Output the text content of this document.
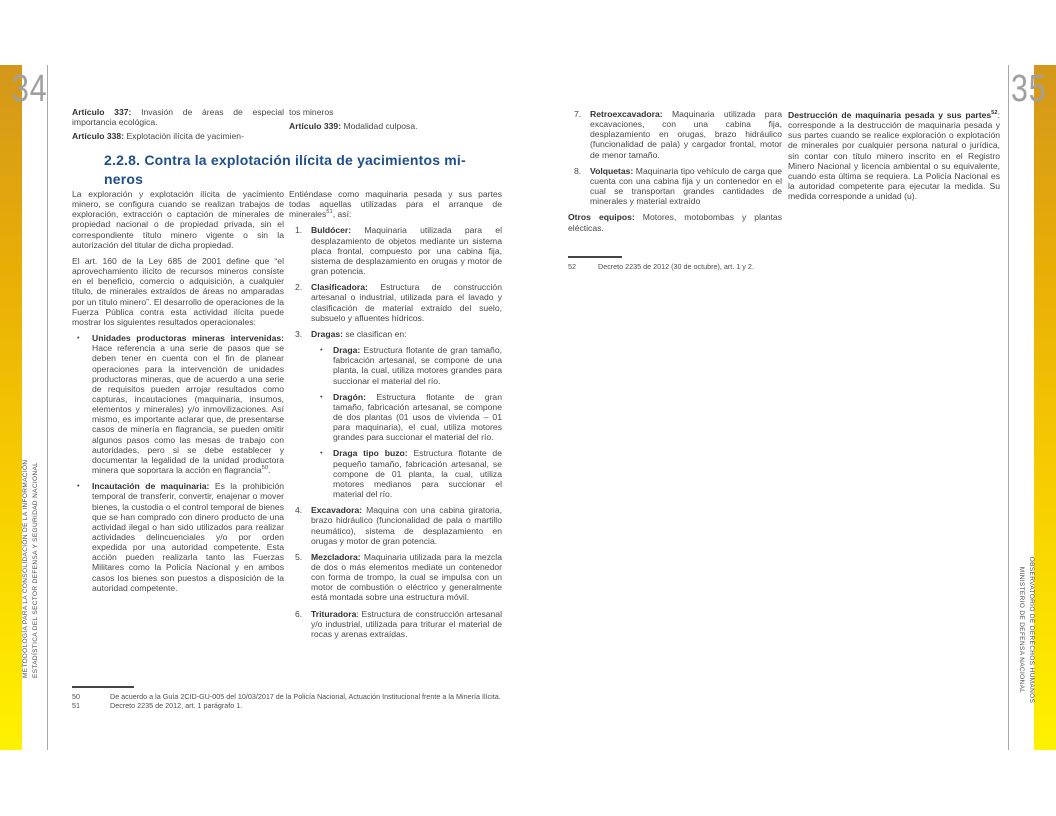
34
METODOLOGÍA PARA LA CONSOLIDACIÓN DE LA INFORMACIÓN ESTADÍSTICA DEL SECTOR DEFENSA Y SEGURIDAD NACIONAL
35
OBSERVATORIO DE DERECHOS HUMANOS
MINISTERIO DE DEFENSA NACIONAL

Artículo 337: Invasión de áreas de especial importancia ecológica.

Artículo 338: Explotación ilícita de yacimien-

tos mineros

Artículo 339: Modalidad culposa.

2.2.8. Contra la explotación ilícita de yacimientos mi-
neros

La exploración y explotación ilícita de yacimiento minero, se configura cuando se realizan trabajos de exploración, extracción o captación de minerales de propiedad nacional o de propiedad privada, sin el correspondiente título minero vigente o sin la autorización del titular de dicha propiedad.

El art. 160 de la Ley 685 de 2001 define que “el aprovechamiento ilícito de recursos mineros consiste en el beneficio, comercio o adquisición, a cualquier título, de minerales extraídos de áreas no amparadas por un título minero”. El desarrollo de operaciones de la Fuerza Pública contra esta actividad ilícita puede mostrar los siguientes resultados operacionales:

• Unidades productoras mineras intervenidas: Hace referencia a una serie de pasos que se deben tener en cuenta con el fin de planear operaciones para la intervención de unidades productoras mineras, que de acuerdo a una serie de requisitos pueden arrojar resultados como capturas, incautaciones (maquinaria, insumos, elementos y minerales) y/o inmovilizaciones. Así mismo, es importante aclarar que, de presentarse casos de minería en flagrancia, se pueden omitir algunos pasos como las mesas de trabajo con autoridades, pero si se debe establecer y documentar la legalidad de la unidad productora minera que soportara la acción en flagrancia$^{50}$.
• Incautación de maquinaria: Es la prohibición temporal de transferir, convertir, enajenar o mover bienes, la custodia o el control temporal de bienes que se han comprado con dinero producto de una actividad ilegal o han sido utilizados para realizar actividades delincuenciales y/o por orden expedida por una autoridad competente. Esta acción pueden realizarla tanto las Fuerzas Militares como la Policía Nacional y en ambos casos los bienes son puestos a disposición de la autoridad competente.

Entiéndase como maquinaria pesada y sus partes todas aquellas utilizadas para el arranque de minerales$^{51}$, así:

1. Buldócer: Maquinaria utilizada para el desplazamiento de objetos mediante un sistema placa frontal, compuesto por una cabina fija, sistema de desplazamiento en orugas y motor de gran potencia.
2. Clasificadora: Estructura de construcción artesanal o industrial, utilizada para el lavado y clasificación de material extraído del suelo, subsuelo y afluentes hídricos.
3. Dragas: se clasifican en:
• Draga: Estructura flotante de gran tamaño, fabricación artesanal, se compone de una planta, la cual, utiliza motores grandes para succionar el material del río.
• Dragón: Estructura flotante de gran tamaño, fabricación artesanal, se compone de dos plantas (01 usos de vivienda – 01 para maquinaria), el cual, utiliza motores grandes para succionar el material del río.
• Draga tipo buzo: Estructura flotante de pequeño tamaño, fabricación artesanal, se compone de 01 planta, la cual, utiliza motores medianos para succionar el material del río.
4. Excavadora: Maquina con una cabina giratoria, brazo hidráulico (funcionalidad de pala o martillo neumático), sistema de desplazamiento en orugas y motor de gran potencia.
5. Mezcladora: Maquinaria utilizada para la mezcla de dos o más elementos mediate un contenedor con forma de trompo, la cual se impulsa con un motor de combustión o eléctrico y generalmente está montada sobre una estructura móvil.
6. Trituradora: Estructura de construcción artesanal y/o industrial, utilizada para triturar el material de rocas y arenas extraídas.

50	De acuerdo a la Guía 2CID-GU-005 del 10/03/2017 de la Policía Nacional, Actuación Institucional frente a la Minería Ilícita.

51	Decreto 2235 de 2012, art. 1 parágrafo 1.

7. Retroexcavadora: Maquinaria utilizada para excavaciones, con una cabina fija, desplazamiento en orugas, brazo hidráulico (funcionalidad de pala) y cargador frontal, motor de menor tamaño.
8. Volquetas: Maquinaria tipo vehículo de carga que cuenta con una cabina fija y un contenedor en el cual se transportan grandes cantidades de minerales y material extraído

Otros equipos: Motores, motobombas y plantas elécticas.

52	Decreto 2235 de 2012 (30 de octubre), art. 1 y 2.

Destrucción de maquinaria pesada y sus partes$^{52}$: corresponde a la destrucción de maquinaria pesada y sus partes cuando se realice exploración o explotación de minerales por cualquier persona natural o jurídica, sin contar con título minero inscrito en el Registro Minero Nacional y licencia ambiental o su equivalente, cuando esta última se requiera. La Policía Nacional es la autoridad competente para ejecutar la medida. Su medida corresponde a unidad (u).
